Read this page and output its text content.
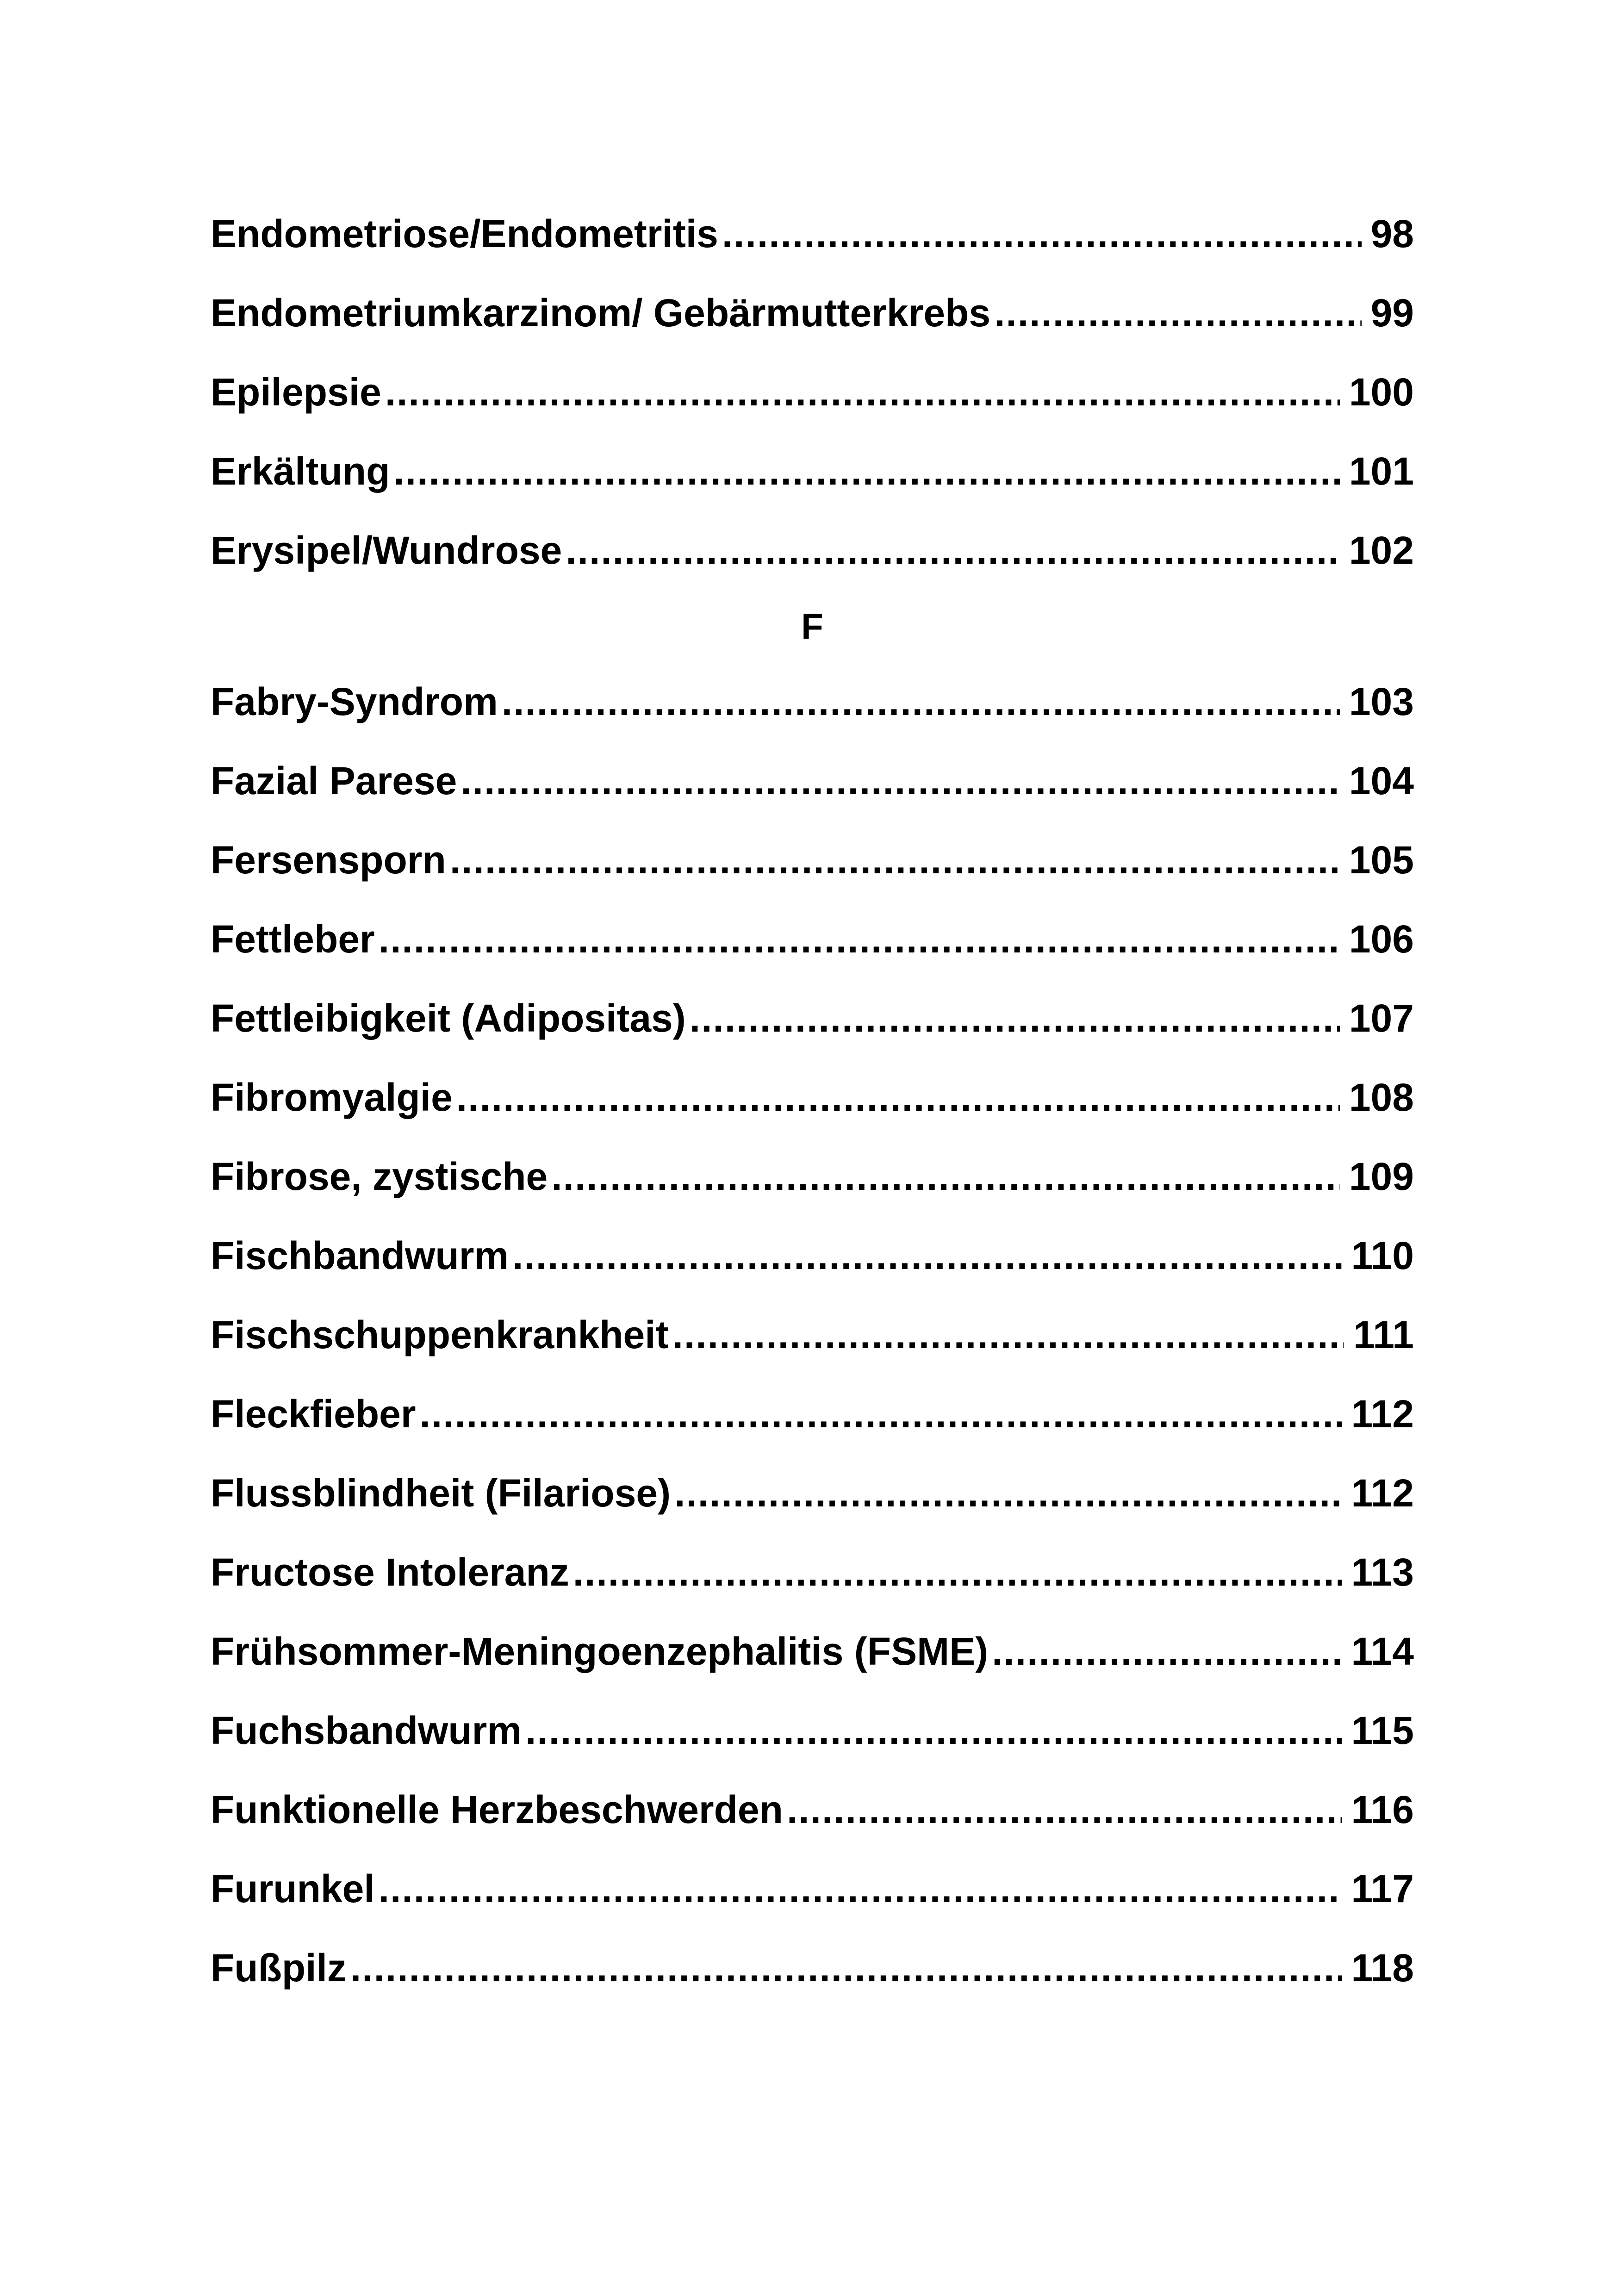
Endometriose/Endometritis .....	98
Endometriumkarzinom/ Gebärmutterkrebs .....	99
Epilepsie .....	100
Erkältung .....	101
Erysipel/Wundrose .....	102
F
Fabry-Syndrom .....	103
Fazial Parese .....	104
Fersensporn .....	105
Fettleber .....	106
Fettleibigkeit (Adipositas) .....	107
Fibromyalgie .....	108
Fibrose, zystische .....	109
Fischbandwurm .....	110
Fischschuppenkrankheit .....	111
Fleckfieber .....	112
Flussblindheit (Filariose) .....	112
Fructose Intoleranz .....	113
Frühsommer-Meningoenzephalitis (FSME) .....	114
Fuchsbandwurm .....	115
Funktionelle Herzbeschwerden .....	116
Furunkel .....	117
Fußpilz .....	118
